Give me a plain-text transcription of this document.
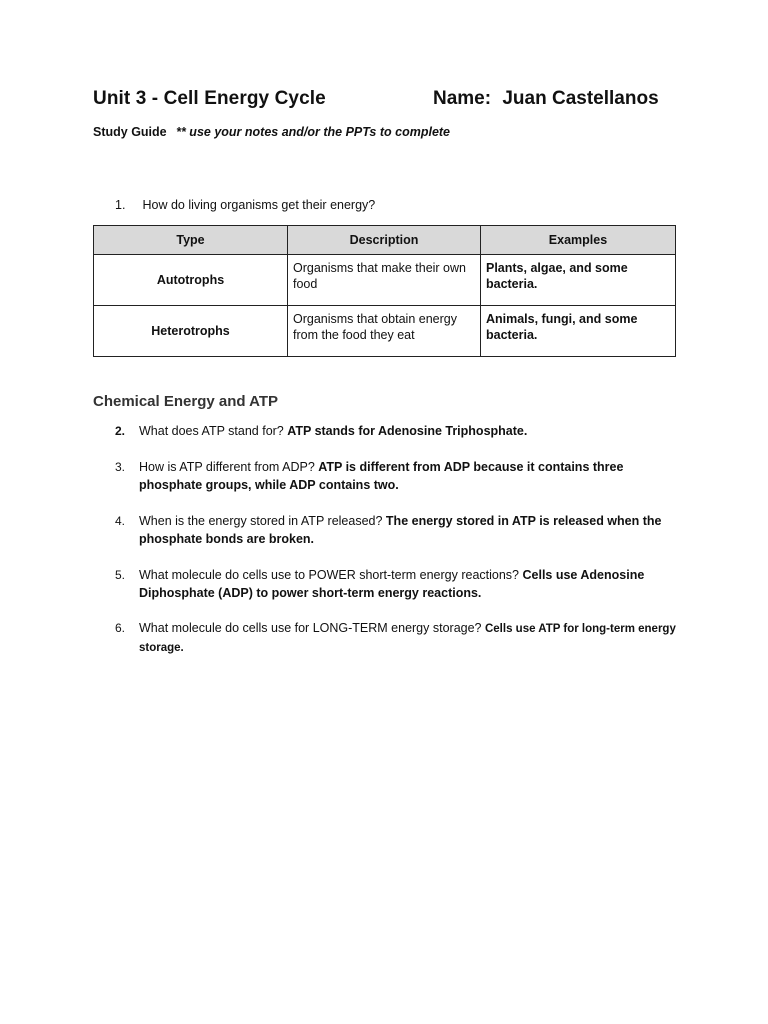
Unit 3 - Cell Energy Cycle	Name: Juan Castellanos
Study Guide ** use your notes and/or the PPTs to complete
1. How do living organisms get their energy?
Type	Description	Examples
Autotrophs	Organisms that make their own food	Plants, algae, and some bacteria.
Heterotrophs	Organisms that obtain energy from the food they eat	Animals, fungi, and some bacteria.
Chemical Energy and ATP
2.	What does ATP stand for? ATP stands for Adenosine Triphosphate.
3.	How is ATP different from ADP? ATP is different from ADP because it contains three phosphate groups, while ADP contains two.
4.	When is the energy stored in ATP released? The energy stored in ATP is released when the phosphate bonds are broken.
5.	What molecule do cells use to POWER short-term energy reactions? Cells use Adenosine Diphosphate (ADP) to power short-term energy reactions.
6.	What molecule do cells use for LONG-TERM energy storage? Cells use ATP for long-term energy storage.
